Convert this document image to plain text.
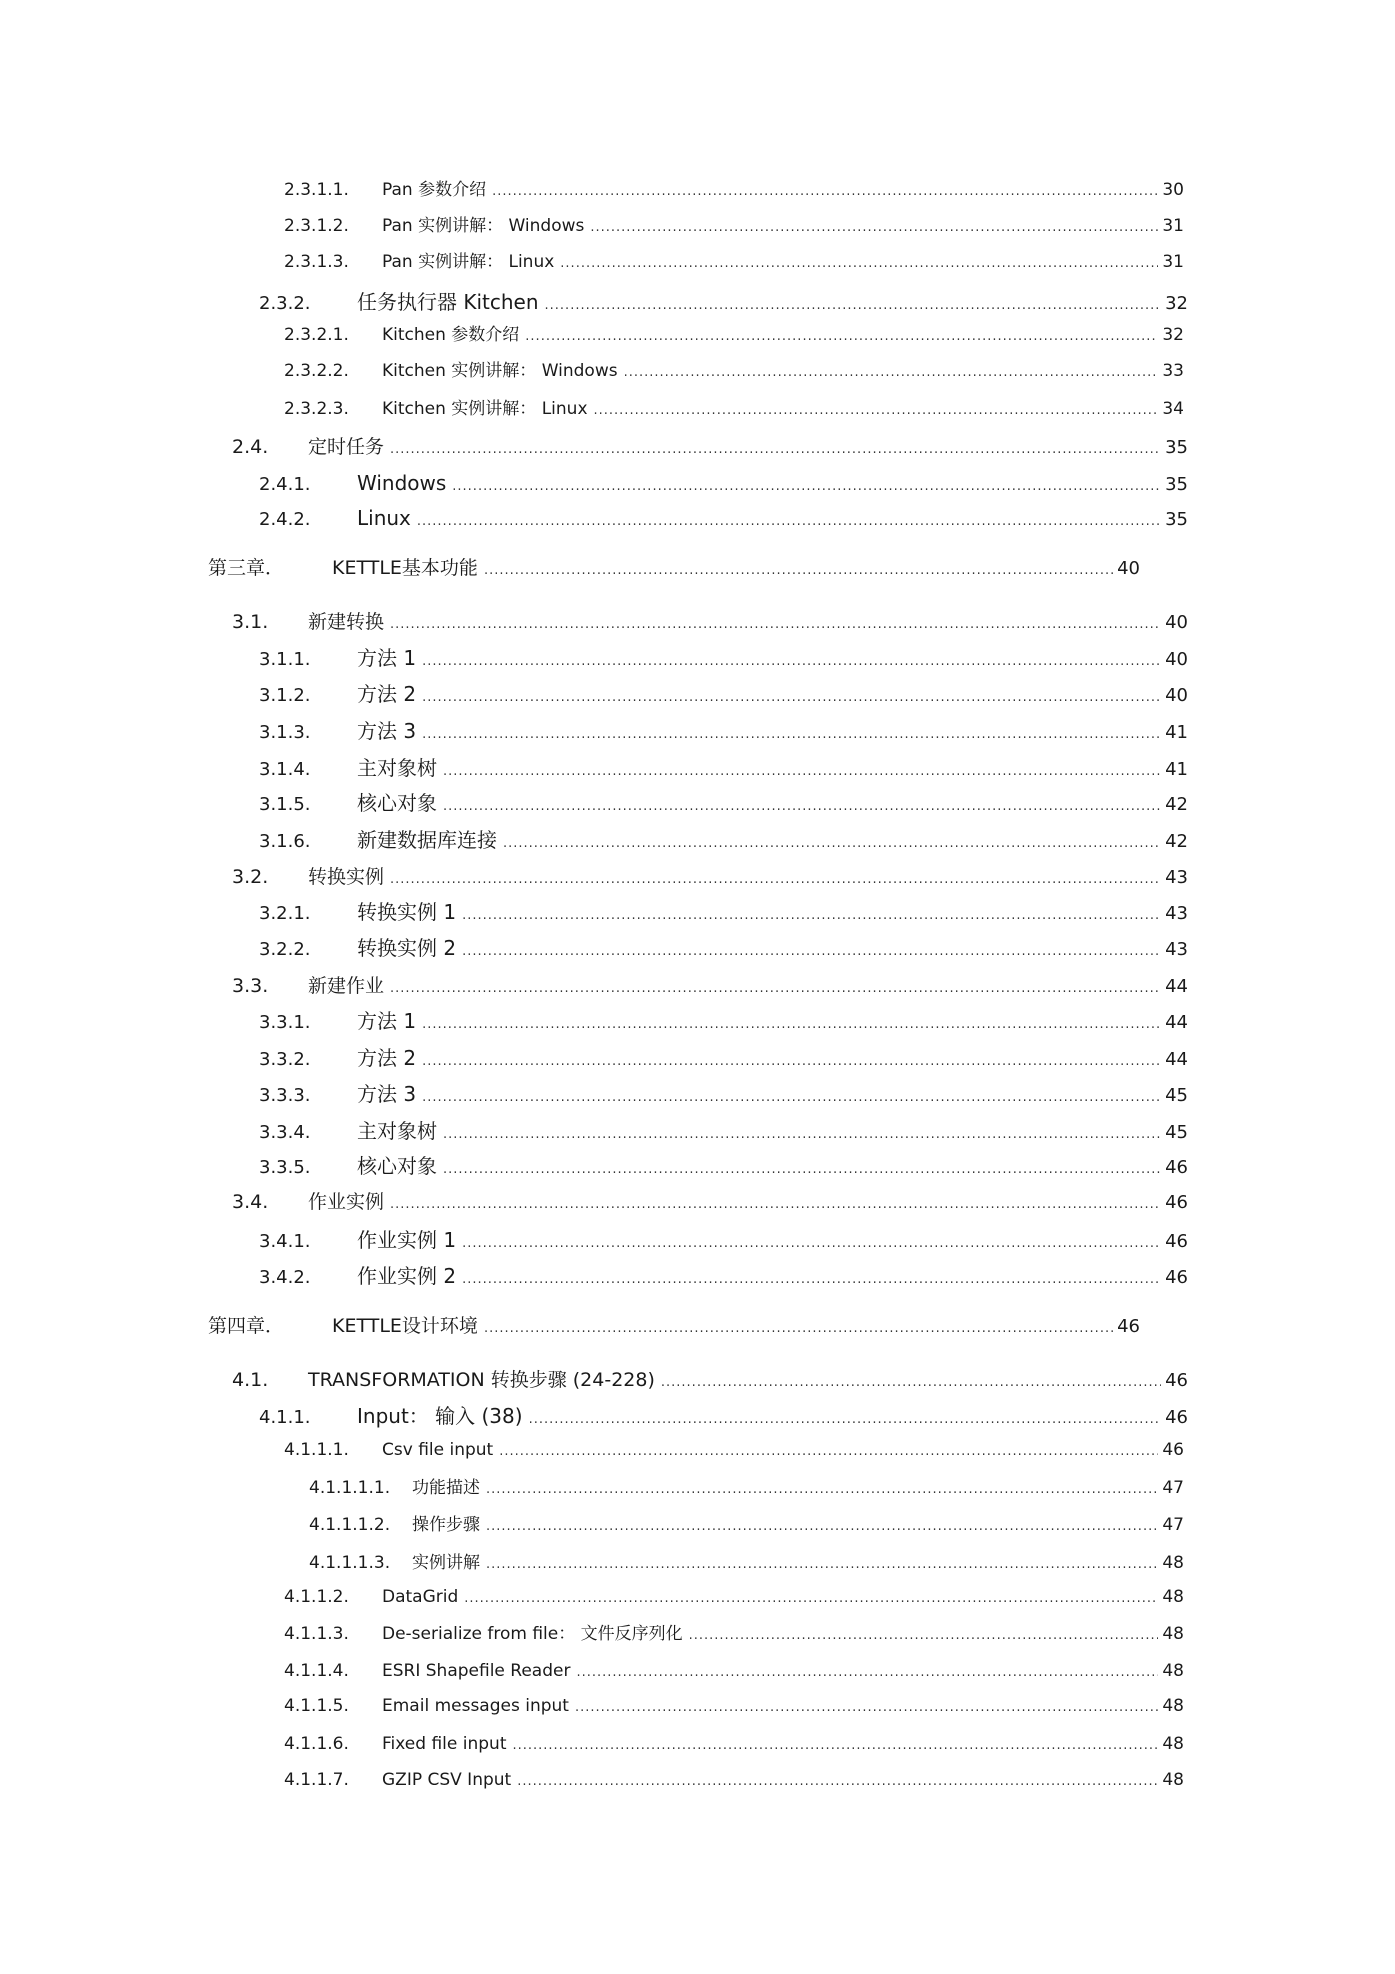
2.3.1.1.	Pan 参数介绍 .....	30
2.3.1.2.	Pan 实例讲解： Windows .....	31
2.3.1.3.	Pan 实例讲解： Linux .....	31
2.3.2.	任务执行器 Kitchen .....	32
2.3.2.1.	Kitchen 参数介绍 .....	32
2.3.2.2.	Kitchen 实例讲解： Windows .....	33
2.3.2.3.	Kitchen 实例讲解： Linux .....	34
2.4.	定时任务 .....	35
2.4.1.	Windows .....	35
2.4.2.	Linux .....	35
第三章．	KETTLE基本功能 .....	40
3.1.	新建转换 .....	40
3.1.1.	方法 1 .....	40
3.1.2.	方法 2 .....	40
3.1.3.	方法 3 .....	41
3.1.4.	主对象树 .....	41
3.1.5.	核心对象 .....	42
3.1.6.	新建数据库连接 .....	42
3.2.	转换实例 .....	43
3.2.1.	转换实例 1 .....	43
3.2.2.	转换实例 2 .....	43
3.3.	新建作业 .....	44
3.3.1.	方法 1 .....	44
3.3.2.	方法 2 .....	44
3.3.3.	方法 3 .....	45
3.3.4.	主对象树 .....	45
3.3.5.	核心对象 .....	46
3.4.	作业实例 .....	46
3.4.1.	作业实例 1 .....	46
3.4.2.	作业实例 2 .....	46
第四章．	KETTLE设计环境 .....	46
4.1.	TRANSFORMATION 转换步骤 (24-228) .....	46
4.1.1.	Input： 输入 (38) .....	46
4.1.1.1.	Csv file input .....	46
4.1.1.1.1.	功能描述 .....	47
4.1.1.1.2.	操作步骤 .....	47
4.1.1.1.3.	实例讲解 .....	48
4.1.1.2.	DataGrid .....	48
4.1.1.3.	De-serialize from file： 文件反序列化 .....	48
4.1.1.4.	ESRI Shapefile Reader .....	48
4.1.1.5.	Email messages input .....	48
4.1.1.6.	Fixed file input .....	48
4.1.1.7.	GZIP CSV Input .....	48
